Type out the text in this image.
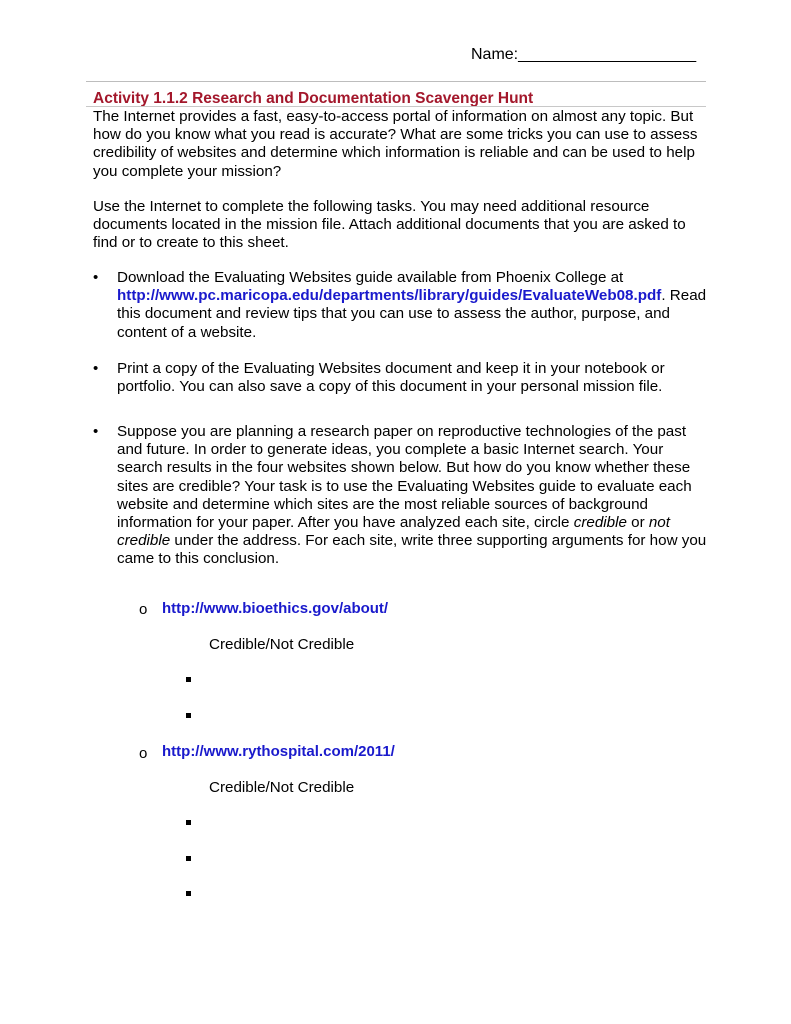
Name:____________________
Activity 1.1.2 Research and Documentation Scavenger Hunt

The Internet provides a fast, easy-to-access portal of information on almost any topic. But how do you know what you read is accurate? What are some tricks you can use to assess credibility of websites and determine which information is reliable and can be used to help you complete your mission?

Use the Internet to complete the following tasks. You may need additional resource documents located in the mission file. Attach additional documents that you are asked to find or to create to this sheet.

• Download the Evaluating Websites guide available from Phoenix College at http://www.pc.maricopa.edu/departments/library/guides/EvaluateWeb08.pdf. Read this document and review tips that you can use to assess the author, purpose, and content of a website.

• Print a copy of the Evaluating Websites document and keep it in your notebook or portfolio. You can also save a copy of this document in your personal mission file.

• Suppose you are planning a research paper on reproductive technologies of the past and future. In order to generate ideas, you complete a basic Internet search. Your search results in the four websites shown below. But how do you know whether these sites are credible? Your task is to use the Evaluating Websites guide to evaluate each website and determine which sites are the most reliable sources of background information for your paper. After you have analyzed each site, circle credible or not credible under the address. For each site, write three supporting arguments for how you came to this conclusion.

o http://www.bioethics.gov/about/
Credible/Not Credible
o http://www.rythospital.com/2011/
Credible/Not Credible
